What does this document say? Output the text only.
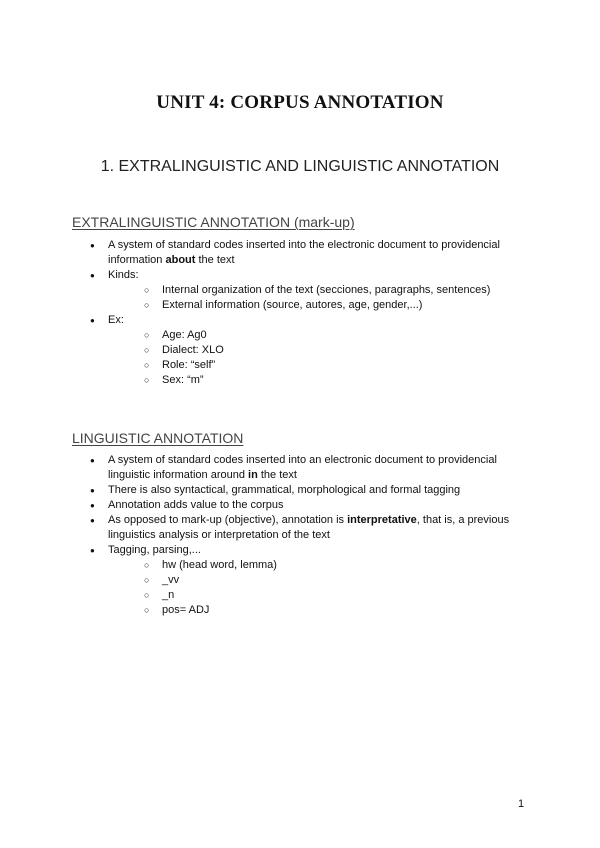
UNIT 4: CORPUS ANNOTATION
1. EXTRALINGUISTIC AND LINGUISTIC ANNOTATION
EXTRALINGUISTIC ANNOTATION (mark-up)
● A system of standard codes inserted into the electronic document to providencial information about the text
● Kinds:
○ Internal organization of the text (secciones, paragraphs, sentences)
○ External information (source, autores, age, gender,...)
● Ex:
○ Age: Ag0
○ Dialect: XLO
○ Role: “self”
○ Sex: “m”
LINGUISTIC ANNOTATION
● A system of standard codes inserted into an electronic document to providencial linguistic information around in the text
● There is also syntactical, grammatical, morphological and formal tagging
● Annotation adds value to the corpus
● As opposed to mark-up (objective), annotation is interpretative, that is, a previous linguistics analysis or interpretation of the text
● Tagging, parsing,...
○ hw (head word, lemma)
○ _vv
○ _n
○ pos= ADJ
1
